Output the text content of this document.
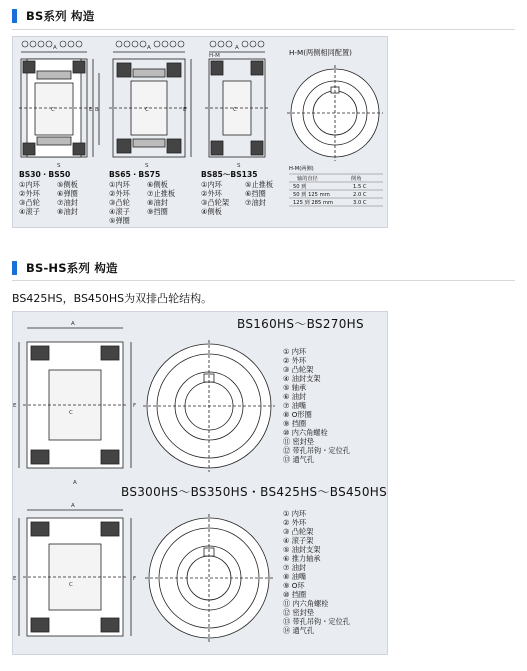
BS系列 构造
A
C	E B
S
BS30・BS50
①内环
②外环
③凸轮
④滚子
⑤侧板
⑥弹圈
⑦油封
⑧油封
A
C	E
S
BS65・BS75
①内环
②外环
③凸轮
④滚子
⑤弹圈
⑥侧板
⑦止推板
⑧油封
⑨挡圈
H-M
A
C
S
BS85～BS135
①内环
②外环
③凸轮架
④侧板
⑤止推板
⑥挡圈
⑦油封
H-M(两侧相同配置)
H-M(两侧)
轴的直径	倒角
50 到	1.5 C
50 到 125 mm	2.0 C
125 到 285 mm	3.0 C
BS-HS系列 构造
BS425HS，BS450HS为双排凸轮结构。
A
C
E	F
A
BS160HS～BS270HS
① 内环
② 外环
③ 凸轮架
④ 油封支架
⑤ 轴承
⑥ 油封
⑦ 油嘴
⑧ O形圈
⑨ 挡圈
⑩ 内六角螺栓
⑪ 密封垫
⑫ 带孔吊钩・定位孔
⑬ 通气孔
BS300HS～BS350HS・BS425HS～BS450HS
A
C
E	F
① 内环
② 外环
③ 凸轮架
④ 滚子架
⑤ 油封支架
⑥ 推力轴承
⑦ 油封
⑧ 油嘴
⑨ O环
⑩ 挡圈
⑪ 内六角螺栓
⑫ 密封垫
⑬ 带孔吊钩・定位孔
⑭ 通气孔
